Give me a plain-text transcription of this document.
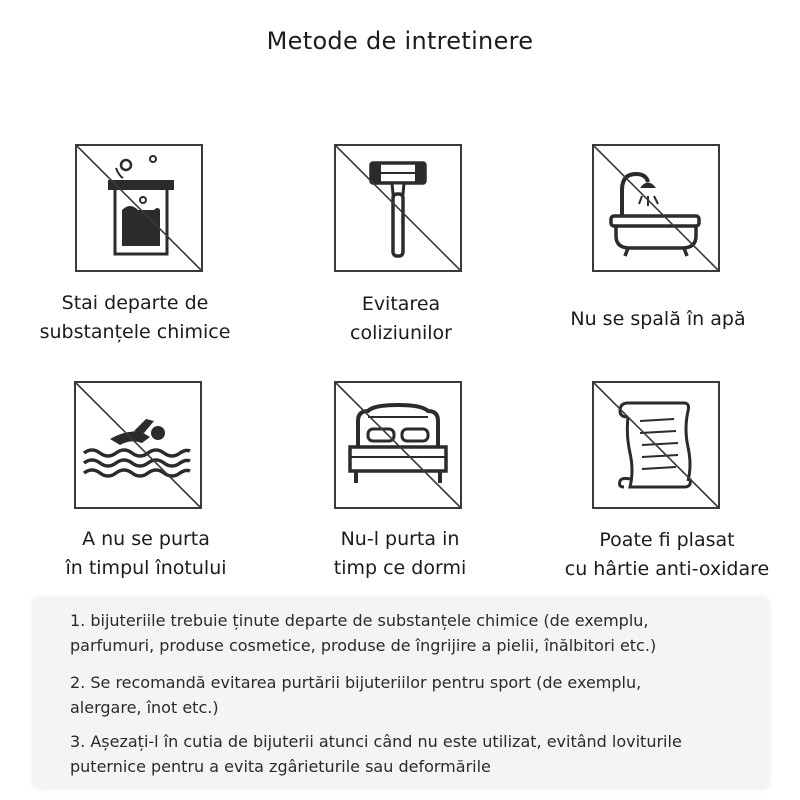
Metode de intretinere
Stai departe de
substanțele chimice
Evitarea
coliziunilor
Nu se spală în apă
A nu se purta
în timpul înotului
Nu-l purta in
timp ce dormi
Poate fi plasat
cu hârtie anti-oxidare
1. bijuteriile trebuie ținute departe de substanțele chimice (de exemplu,
parfumuri, produse cosmetice, produse de îngrijire a pielii, înălbitori etc.)
2. Se recomandă evitarea purtării bijuteriilor pentru sport (de exemplu,
alergare, înot etc.)
3. Așezați-l în cutia de bijuterii atunci când nu este utilizat, evitând loviturile
puternice pentru a evita zgârieturile sau deformările
